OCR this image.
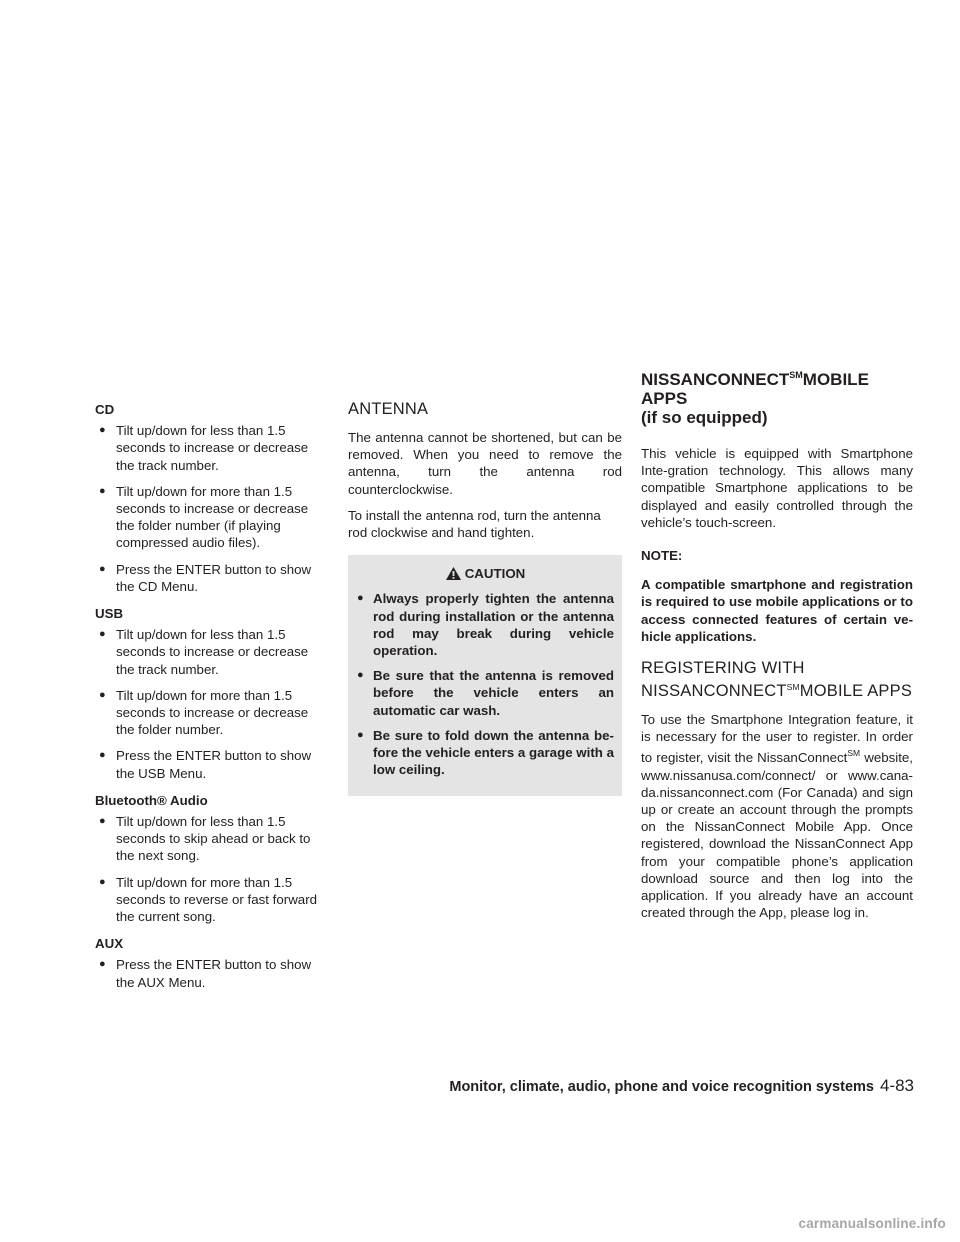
CD
● Tilt up/down for less than 1.5 seconds to increase or decrease the track number.
● Tilt up/down for more than 1.5 seconds to increase or decrease the folder number (if playing compressed audio files).
● Press the ENTER button to show the CD Menu.
USB
● Tilt up/down for less than 1.5 seconds to increase or decrease the track number.
● Tilt up/down for more than 1.5 seconds to increase or decrease the folder number.
● Press the ENTER button to show the USB Menu.
Bluetooth® Audio
● Tilt up/down for less than 1.5 seconds to skip ahead or back to the next song.
● Tilt up/down for more than 1.5 seconds to reverse or fast forward the current song.
AUX
● Press the ENTER button to show the AUX Menu.
ANTENNA

The antenna cannot be shortened, but can be removed. When you need to remove the antenna, turn the antenna rod counterclockwise.

To install the antenna rod, turn the antenna rod clockwise and hand tighten.

CAUTION
● Always properly tighten the antenna rod during installation or the antenna rod may break during vehicle operation.
● Be sure that the antenna is removed before the vehicle enters an automatic car wash.
● Be sure to fold down the antenna be-fore the vehicle enters a garage with a low ceiling.
NISSANCONNECT℠MOBILE APPS
(if so equipped)

This vehicle is equipped with Smartphone Inte-gration technology. This allows many compatible Smartphone applications to be displayed and easily controlled through the vehicle’s touch-screen.

NOTE:

A compatible smartphone and registration is required to use mobile applications or to access connected features of certain ve-hicle applications.

REGISTERING WITH
NISSANCONNECT℠MOBILE APPS

To use the Smartphone Integration feature, it is necessary for the user to register. In order to register, visit the NissanConnect℠ website, www.nissanusa.com/connect/ or www.cana-da.nissanconnect.com (For Canada) and sign up or create an account through the prompts on the NissanConnect Mobile App. Once registered, download the NissanConnect App from your compatible phone’s application download source and then log into the application. If you already have an account created through the App, please log in.

Monitor, climate, audio, phone and voice recognition systems 4-83
carmanualsonline.info
